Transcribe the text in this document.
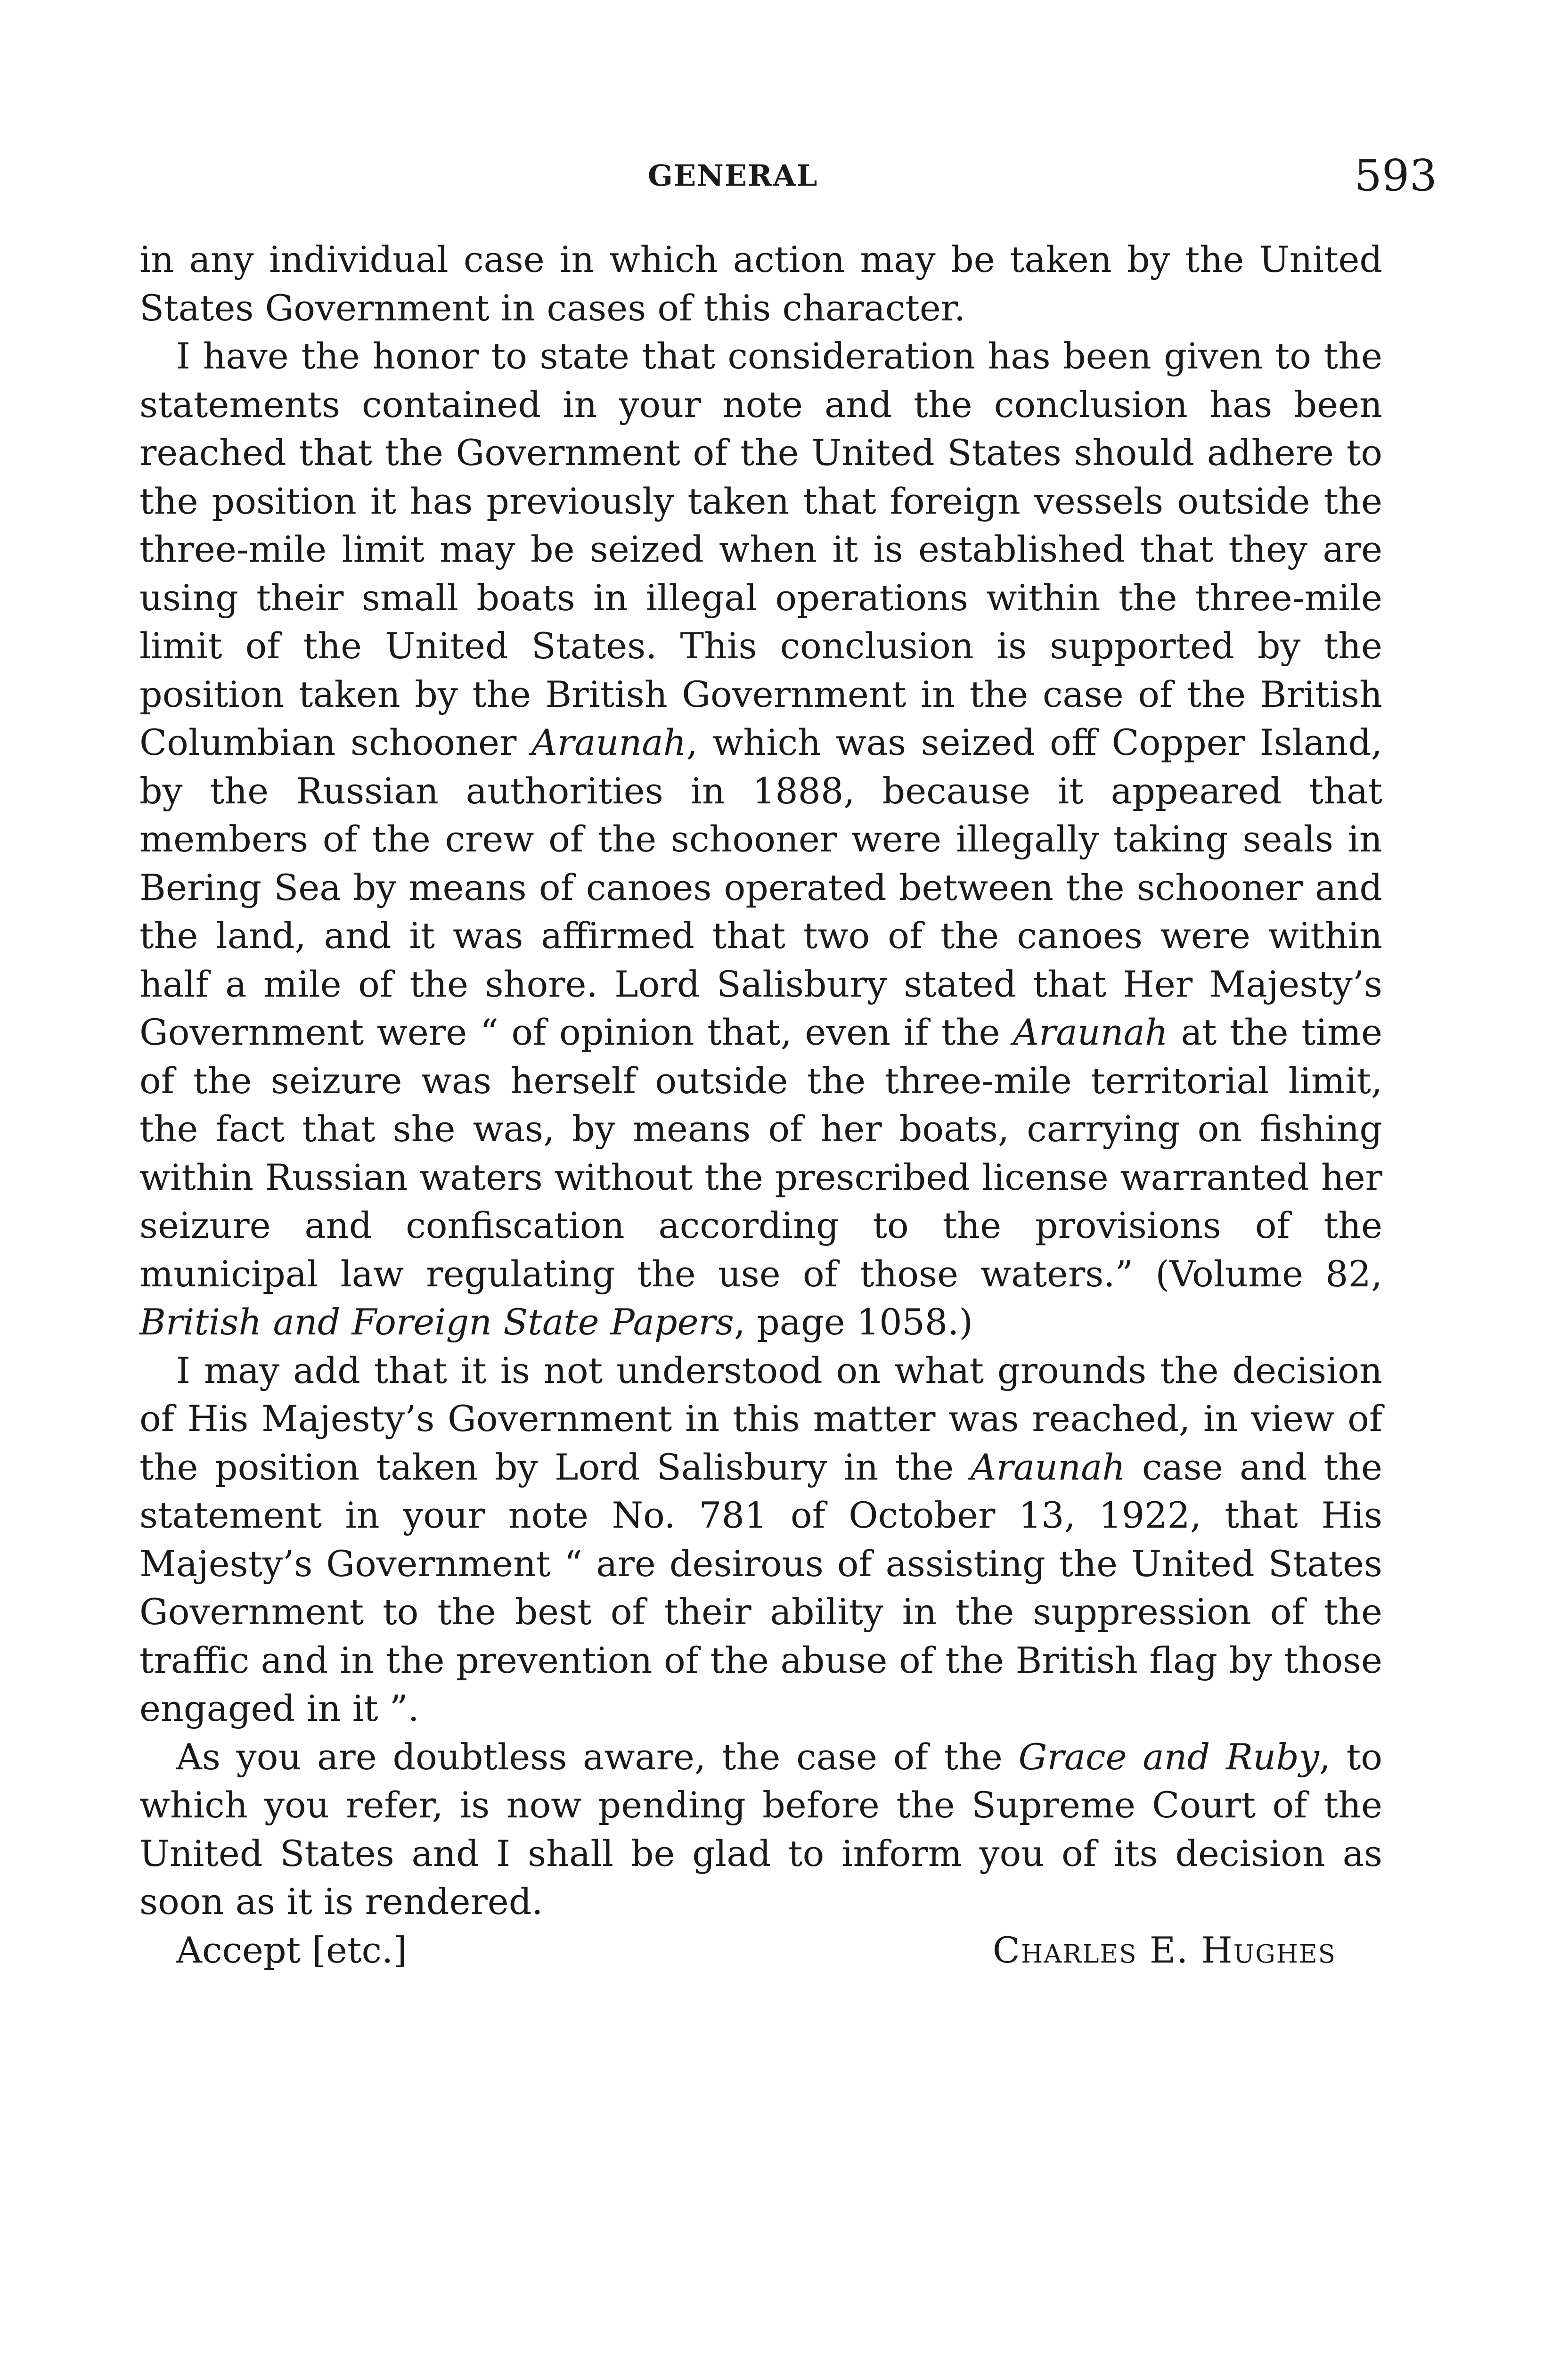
GENERAL	593

in any individual case in which action may be taken by the United States Government in cases of this character.

I have the honor to state that consideration has been given to the statements contained in your note and the conclusion has been reached that the Government of the United States should adhere to the position it has previously taken that foreign vessels outside the three-mile limit may be seized when it is established that they are using their small boats in illegal operations within the three-mile limit of the United States. This conclusion is supported by the position taken by the British Government in the case of the British Columbian schooner Araunah, which was seized off Copper Island, by the Russian authorities in 1888, because it appeared that members of the crew of the schooner were illegally taking seals in Bering Sea by means of canoes operated between the schooner and the land, and it was affirmed that two of the canoes were within half a mile of the shore. Lord Salisbury stated that Her Majesty’s Government were “ of opinion that, even if the Araunah at the time of the seizure was herself outside the three-mile territorial limit, the fact that she was, by means of her boats, carrying on fishing within Russian waters without the prescribed license warranted her seizure and confiscation according to the provisions of the municipal law regulating the use of those waters.” (Volume 82, British and Foreign State Papers, page 1058.)

I may add that it is not understood on what grounds the decision of His Majesty’s Government in this matter was reached, in view of the position taken by Lord Salisbury in the Araunah case and the statement in your note No. 781 of October 13, 1922, that His Majesty’s Government “ are desirous of assisting the United States Government to the best of their ability in the suppression of the traffic and in the prevention of the abuse of the British flag by those engaged in it ”.

As you are doubtless aware, the case of the Grace and Ruby, to which you refer, is now pending before the Supreme Court of the United States and I shall be glad to inform you of its decision as soon as it is rendered.

Accept [etc.]	Charles E. Hughes
